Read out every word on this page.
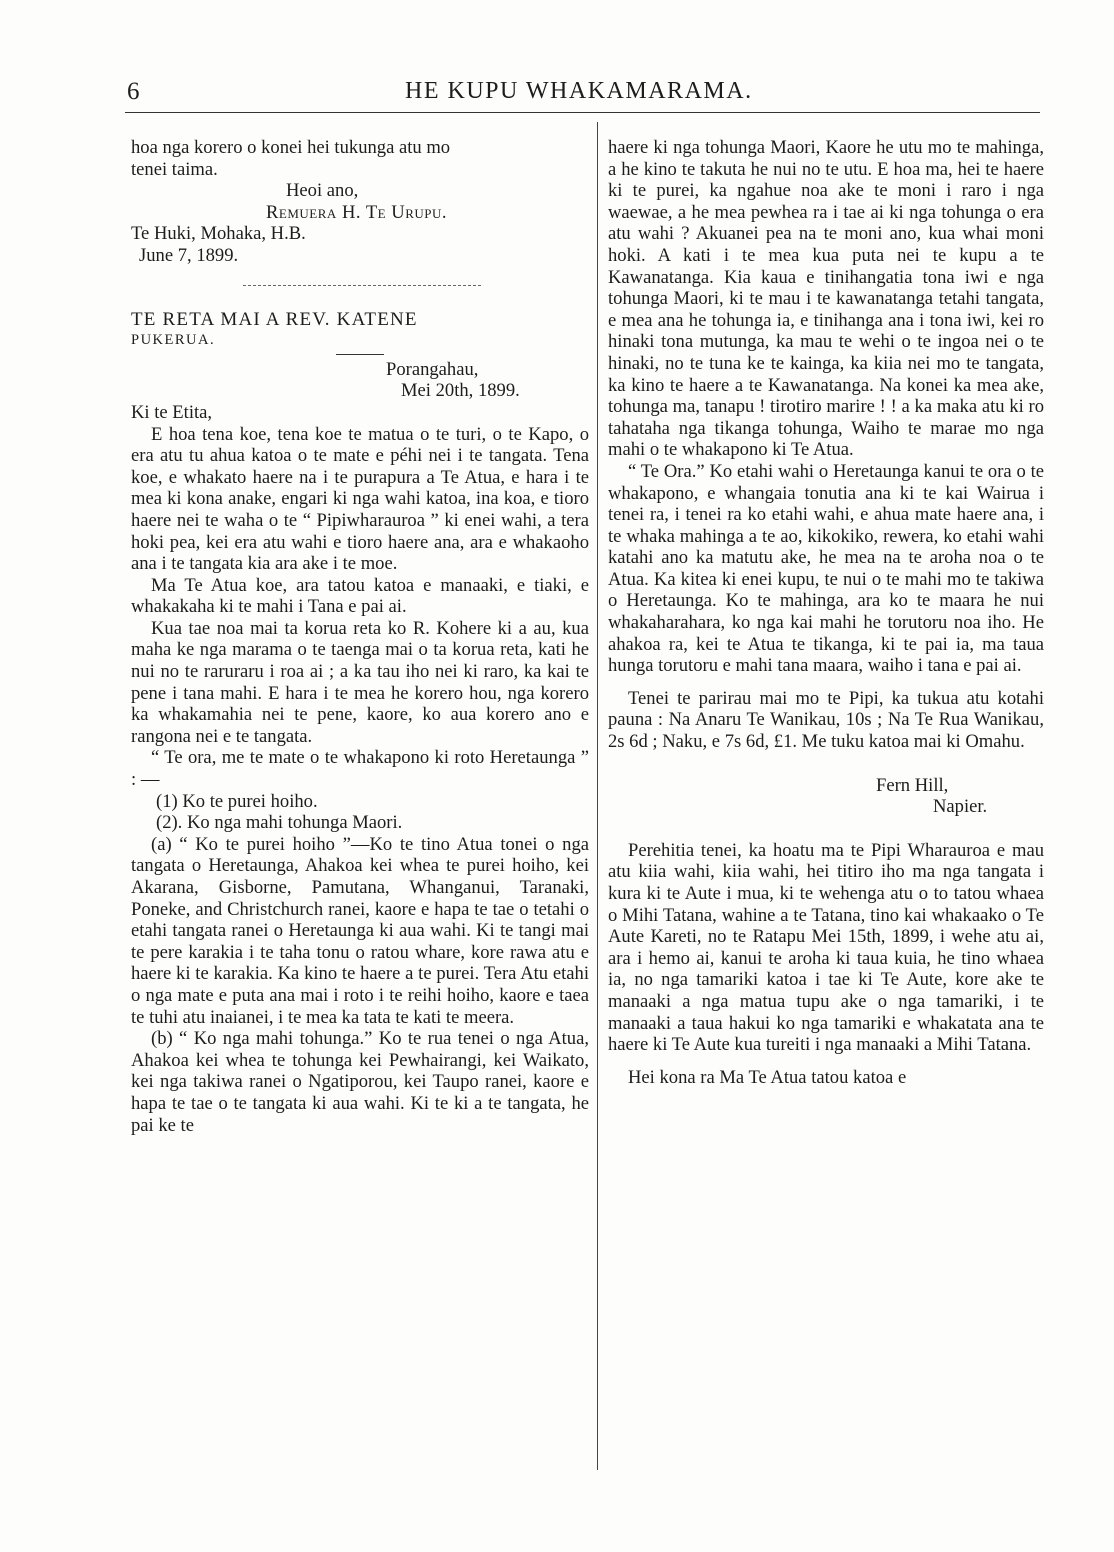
6	HE KUPU WHAKAMARAMA.

hoa nga korero o konei hei tukunga atu mo
tenei taima.

Heoi ano,

Remuera H. Te Urupu.

Te Huki, Mohaka, H.B.

June 7, 1899.

TE RETA MAI A REV. KATENE

PUKERUA.

Porangahau,

Mei 20th, 1899.

Ki te Etita,

E hoa tena koe, tena koe te matua o te turi, o te Kapo, o era atu tu ahua katoa o te mate e péhi nei i te tangata. Tena koe, e whakato haere na i te purapura a Te Atua, e hara i te mea ki kona anake, engari ki nga wahi katoa, ina koa, e tioro haere nei te waha o te “ Pipiwharauroa ” ki enei wahi, a tera hoki pea, kei era atu wahi e tioro haere ana, ara e whakaoho ana i te tangata kia ara ake i te moe.

Ma Te Atua koe, ara tatou katoa e manaaki, e tiaki, e whakakaha ki te mahi i Tana e pai ai.

Kua tae noa mai ta korua reta ko R. Kohere ki a au, kua maha ke nga marama o te taenga mai o ta korua reta, kati he nui no te raruraru i roa ai ; a ka tau iho nei ki raro, ka kai te pene i tana mahi. E hara i te mea he korero hou, nga korero ka whakamahia nei te pene, kaore, ko aua korero ano e rangona nei e te tangata.

“ Te ora, me te mate o te whakapono ki roto Heretaunga ” : —

(1) Ko te purei hoiho.

(2). Ko nga mahi tohunga Maori.

(a) “ Ko te purei hoiho ”—Ko te tino Atua tonei o nga tangata o Heretaunga, Ahakoa kei whea te purei hoiho, kei Akarana, Gisborne, Pamutana, Whanganui, Taranaki, Poneke, and Christchurch ranei, kaore e hapa te tae o tetahi o etahi tangata ranei o Heretaunga ki aua wahi. Ki te tangi mai te pere karakia i te taha tonu o ratou whare, kore rawa atu e haere ki te karakia. Ka kino te haere a te purei. Tera Atu etahi o nga mate e puta ana mai i roto i te reihi hoiho, kaore e taea te tuhi atu inaianei, i te mea ka tata te kati te meera.

(b) “ Ko nga mahi tohunga.” Ko te rua tenei o nga Atua, Ahakoa kei whea te tohunga kei Pewhairangi, kei Waikato, kei nga takiwa ranei o Ngatiporou, kei Taupo ranei, kaore e hapa te tae o te tangata ki aua wahi. Ki te ki a te tangata, he pai ke te

haere ki nga tohunga Maori, Kaore he utu mo te mahinga, a he kino te takuta he nui no te utu. E hoa ma, hei te haere ki te purei, ka ngahue noa ake te moni i raro i nga waewae, a he mea pewhea ra i tae ai ki nga tohunga o era atu wahi ? Akuanei pea na te moni ano, kua whai moni hoki. A kati i te mea kua puta nei te kupu a te Kawanatanga. Kia kaua e tinihangatia tona iwi e nga tohunga Maori, ki te mau i te kawanatanga tetahi tangata, e mea ana he tohunga ia, e tinihanga ana i tona iwi, kei ro hinaki tona mutunga, ka mau te wehi o te ingoa nei o te hinaki, no te tuna ke te kainga, ka kiia nei mo te tangata, ka kino te haere a te Kawanatanga. Na konei ka mea ake, tohunga ma, tanapu ! tirotiro marire ! ! a ka maka atu ki ro tahataha nga tikanga tohunga, Waiho te marae mo nga mahi o te whakapono ki Te Atua.

“ Te Ora.” Ko etahi wahi o Heretaunga kanui te ora o te whakapono, e whangaia tonutia ana ki te kai Wairua i tenei ra, i tenei ra ko etahi wahi, e ahua mate haere ana, i te whaka mahinga a te ao, kikokiko, rewera, ko etahi wahi katahi ano ka matutu ake, he mea na te aroha noa o te Atua. Ka kitea ki enei kupu, te nui o te mahi mo te takiwa o Heretaunga. Ko te mahinga, ara ko te maara he nui whakaharahara, ko nga kai mahi he torutoru noa iho. He ahakoa ra, kei te Atua te tikanga, ki te pai ia, ma taua hunga torutoru e mahi tana maara, waiho i tana e pai ai.

Tenei te parirau mai mo te Pipi, ka tukua atu kotahi pauna : Na Anaru Te Wanikau, 10s ; Na Te Rua Wanikau, 2s 6d ; Naku, e 7s 6d, £1. Me tuku katoa mai ki Omahu.

Fern Hill,

Napier.

Perehitia tenei, ka hoatu ma te Pipi Wharauroa e mau atu kiia wahi, kiia wahi, hei titiro iho ma nga tangata i kura ki te Aute i mua, ki te wehenga atu o to tatou whaea o Mihi Tatana, wahine a te Tatana, tino kai whakaako o Te Aute Kareti, no te Ratapu Mei 15th, 1899, i wehe atu ai, ara i hemo ai, kanui te aroha ki taua kuia, he tino whaea ia, no nga tamariki katoa i tae ki Te Aute, kore ake te manaaki a nga matua tupu ake o nga tamariki, i te manaaki a taua hakui ko nga tamariki e whakatata ana te haere ki Te Aute kua tureiti i nga manaaki a Mihi Tatana.

Hei kona ra Ma Te Atua tatou katoa e
